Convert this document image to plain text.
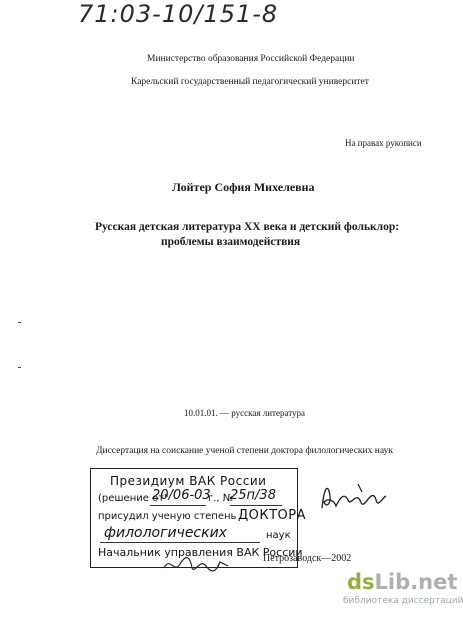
71:03-10/151-8
Министерство образования Российской Федерации
Карельский государственный педагогический университет
На правах рукописи
Лойтер София Михелевна
Русская детская литература XX века и детский фольклор:
проблемы взаимодействия
10.01.01. — русская литература
Диссертация на соискание ученой степени доктора филологических наук
Президиум ВАК России
(решение от"
20/06-03
г., №
25п/38
присудил ученую степень ДОКТОРА
филологических	наук
Начальник управления ВАК России
Петрозаводск—2002
dsLib.net
библиотека диссертаций
